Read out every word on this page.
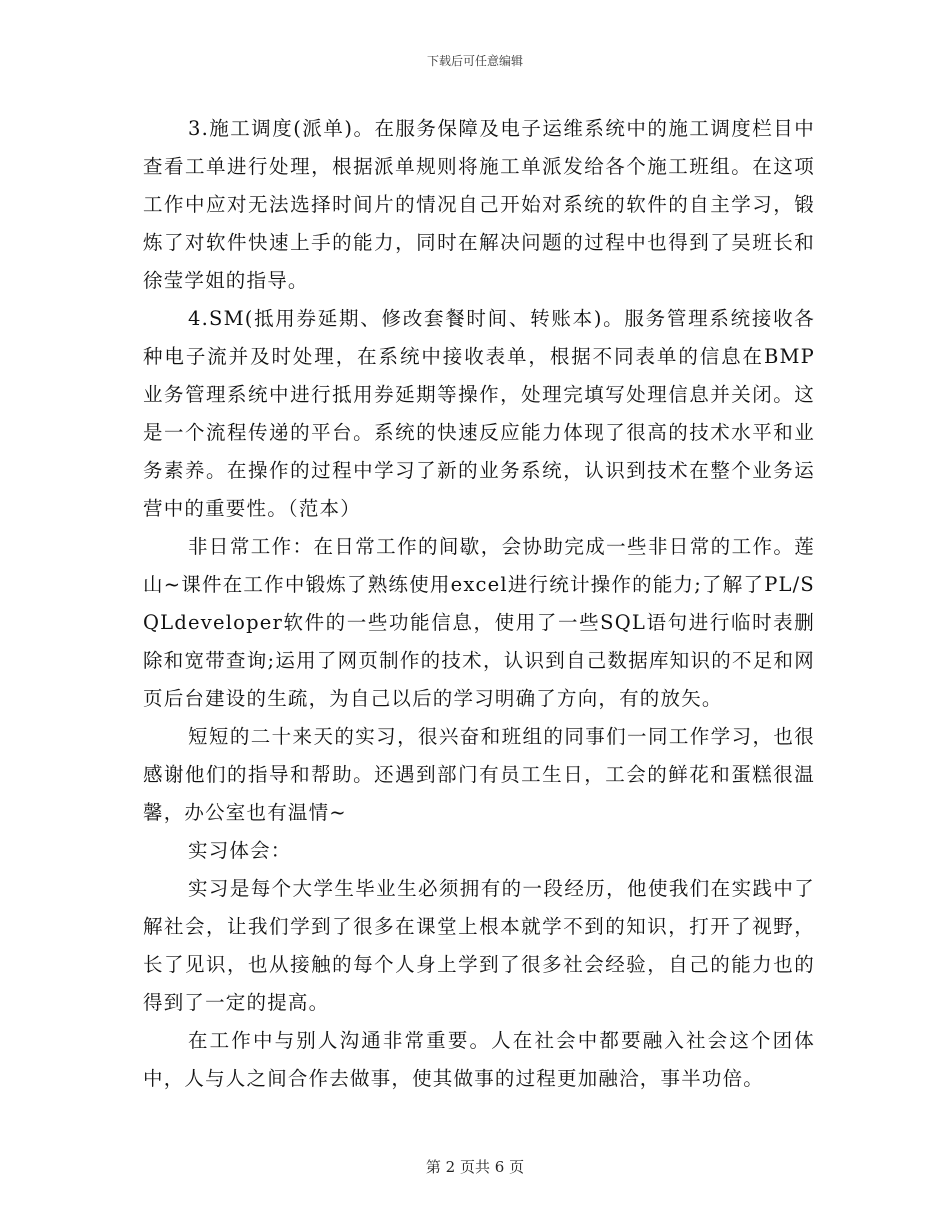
下载后可任意编辑

3.施工调度(派单)。在服务保障及电子运维系统中的施工调度栏目中查看工单进行处理，根据派单规则将施工单派发给各个施工班组。在这项工作中应对无法选择时间片的情况自己开始对系统的软件的自主学习，锻炼了对软件快速上手的能力，同时在解决问题的过程中也得到了吴班长和徐莹学姐的指导。

4.SM(抵用券延期、修改套餐时间、转账本)。服务管理系统接收各种电子流并及时处理，在系统中接收表单，根据不同表单的信息在BMP业务管理系统中进行抵用券延期等操作，处理完填写处理信息并关闭。这是一个流程传递的平台。系统的快速反应能力体现了很高的技术水平和业务素养。在操作的过程中学习了新的业务系统，认识到技术在整个业务运营中的重要性。（范本）

非日常工作：在日常工作的间歇，会协助完成一些非日常的工作。莲山~课件在工作中锻炼了熟练使用excel进行统计操作的能力;了解了PL/SQLdeveloper软件的一些功能信息，使用了一些SQL语句进行临时表删除和宽带查询;运用了网页制作的技术，认识到自己数据库知识的不足和网页后台建设的生疏，为自己以后的学习明确了方向，有的放矢。

短短的二十来天的实习，很兴奋和班组的同事们一同工作学习，也很感谢他们的指导和帮助。还遇到部门有员工生日，工会的鲜花和蛋糕很温馨，办公室也有温情~

实习体会：

实习是每个大学生毕业生必须拥有的一段经历，他使我们在实践中了解社会，让我们学到了很多在课堂上根本就学不到的知识，打开了视野，长了见识，也从接触的每个人身上学到了很多社会经验，自己的能力也的得到了一定的提高。

在工作中与别人沟通非常重要。人在社会中都要融入社会这个团体中，人与人之间合作去做事，使其做事的过程更加融洽，事半功倍。

第 2 页共 6 页
